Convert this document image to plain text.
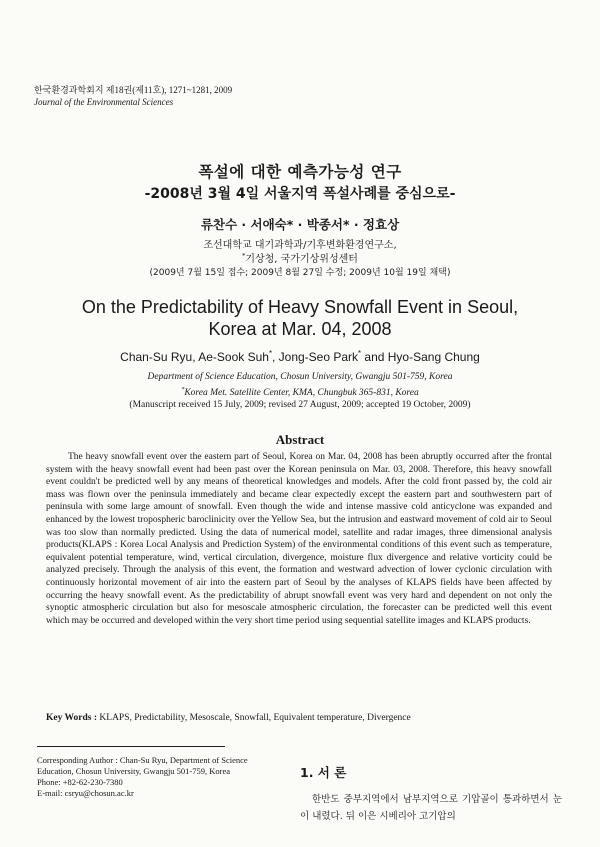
한국환경과학회지 제18권(제11호), 1271~1281, 2009
Journal of the Environmental Sciences
폭설에 대한 예측가능성 연구
-2008년 3월 4일 서울지역 폭설사례를 중심으로-
류찬수 · 서애숙* · 박종서* · 정효상
조선대학교 대기과학과/기후변화환경연구소,
*기상청, 국가기상위성센터
(2009년 7월 15일 접수; 2009년 8월 27일 수정; 2009년 10월 19일 채택)
On the Predictability of Heavy Snowfall Event in Seoul,
Korea at Mar. 04, 2008
Chan-Su Ryu, Ae-Sook Suh*, Jong-Seo Park* and Hyo-Sang Chung
Department of Science Education, Chosun University, Gwangju 501-759, Korea
*Korea Met. Satellite Center, KMA, Chungbuk 365-831, Korea
(Manuscript received 15 July, 2009; revised 27 August, 2009; accepted 19 October, 2009)
Abstract

The heavy snowfall event over the eastern part of Seoul, Korea on Mar. 04, 2008 has been abruptly occurred after the frontal system with the heavy snowfall event had been past over the Korean peninsula on Mar. 03, 2008. Therefore, this heavy snowfall event couldn't be predicted well by any means of theoretical knowledges and models. After the cold front passed by, the cold air mass was flown over the peninsula immediately and became clear expectedly except the eastern part and southwestern part of peninsula with some large amount of snowfall. Even though the wide and intense massive cold anticyclone was expanded and enhanced by the lowest tropospheric baroclinicity over the Yellow Sea, but the intrusion and eastward movement of cold air to Seoul was too slow than normally predicted. Using the data of numerical model, satellite and radar images, three dimensional analysis products(KLAPS : Korea Local Analysis and Prediction System) of the environmental conditions of this event such as temperature, equivalent potential temperature, wind, vertical circulation, divergence, moisture flux divergence and relative vorticity could be analyzed precisely. Through the analysis of this event, the formation and westward advection of lower cyclonic circulation with continuously horizontal movement of air into the eastern part of Seoul by the analyses of KLAPS fields have been affected by occurring the heavy snowfall event. As the predictability of abrupt snowfall event was very hard and dependent on not only the synoptic atmospheric circulation but also for mesoscale atmospheric circulation, the forecaster can be predicted well this event which may be occurred and developed within the very short time period using sequential satellite images and KLAPS products.

Key Words : KLAPS, Predictability, Mesoscale, Snowfall, Equivalent temperature, Divergence
Corresponding Author : Chan-Su Ryu, Department of Science
Education, Chosun University, Gwangju 501-759, Korea
Phone: +82-62-230-7380
E-mail: csryu@chosun.ac.kr
1. 서 론

한반도 중부지역에서 남부지역으로 기압골이 통과하면서 눈이 내렸다. 뒤 이은 시베리아 고기압의
